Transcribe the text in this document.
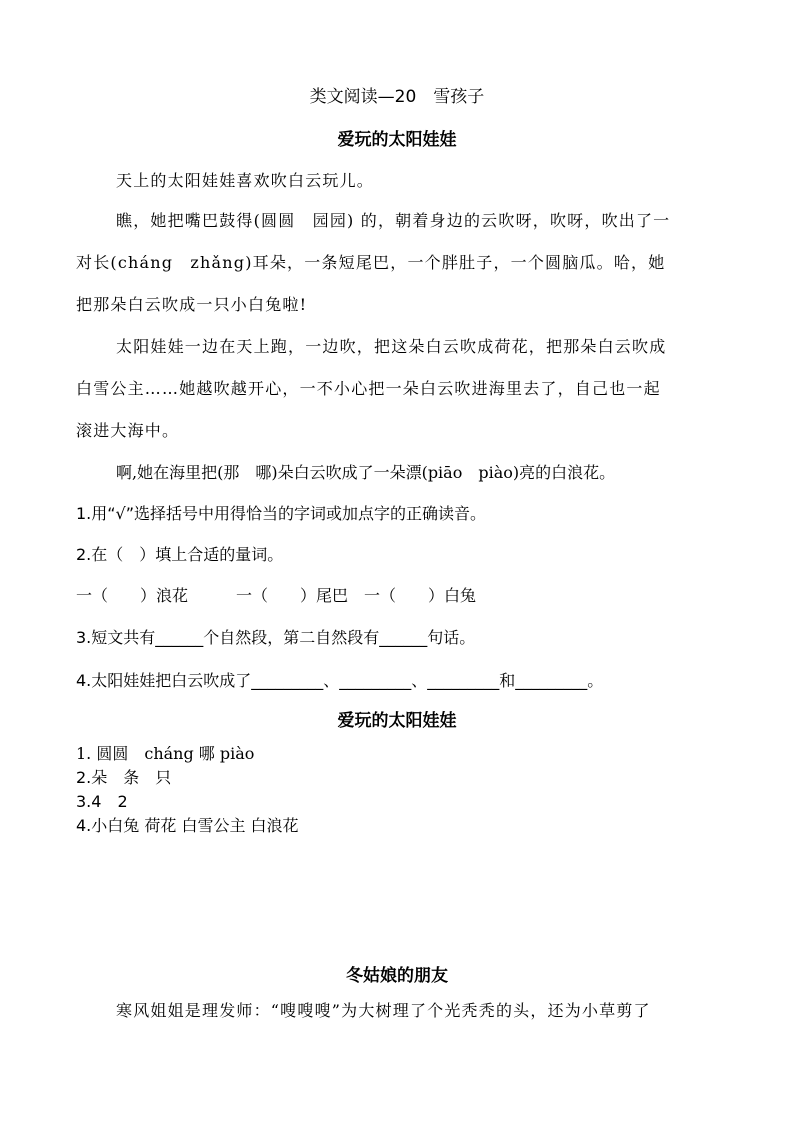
类文阅读—20　雪孩子
爱玩的太阳娃娃
天上的太阳娃娃喜欢吹白云玩儿。
瞧，她把嘴巴鼓得(圆圆　园园) 的，朝着身边的云吹呀，吹呀，吹出了一
对长(cháng　zhǎng)耳朵，一条短尾巴，一个胖肚子，一个圆脑瓜。哈，她
把那朵白云吹成一只小白兔啦!
太阳娃娃一边在天上跑，一边吹，把这朵白云吹成荷花，把那朵白云吹成
白雪公主……她越吹越开心，一不小心把一朵白云吹进海里去了，自己也一起
滚进大海中。
啊,她在海里把(那　哪)朵白云吹成了一朵漂(piāo　piào)亮的白浪花。
1.用“√”选择括号中用得恰当的字词或加点字的正确读音。
2.在（　）填上合适的量词。
一（　　）浪花　　　一（　　）尾巴　一（　　）白兔
3.短文共有______个自然段，第二自然段有______句话。
4.太阳娃娃把白云吹成了_________、_________、_________和_________。
爱玩的太阳娃娃
1. 圆圆　cháng 哪 piào
2.朵　条　只
3.4　2
4.小白兔 荷花 白雪公主 白浪花
冬姑娘的朋友
寒风姐姐是理发师：“嗖嗖嗖”为大树理了个光秃秃的头，还为小草剪了
